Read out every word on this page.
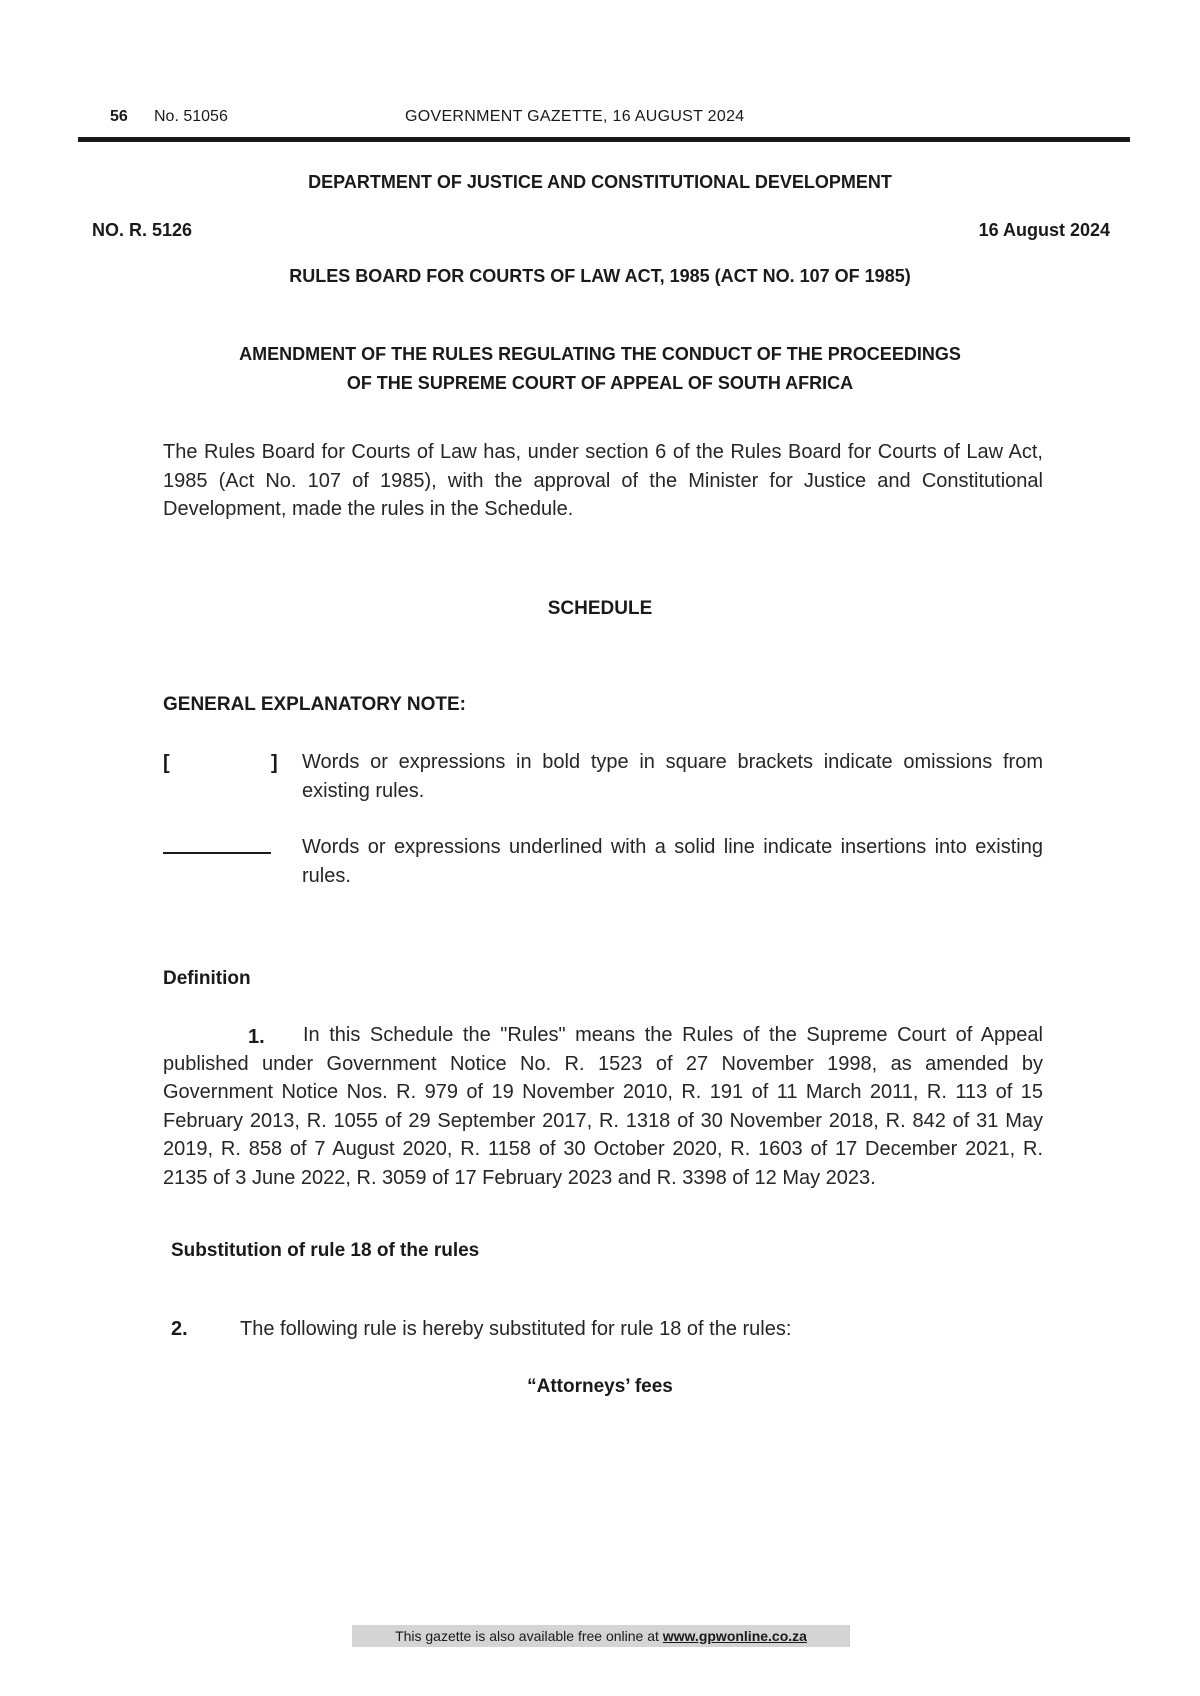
56 No. 51056	GOVERNMENT GAZETTE, 16 AUGUST 2024
DEPARTMENT OF JUSTICE AND CONSTITUTIONAL DEVELOPMENT
NO. R. 5126	16 August 2024
RULES BOARD FOR COURTS OF LAW ACT, 1985 (ACT NO. 107 OF 1985)
AMENDMENT OF THE RULES REGULATING THE CONDUCT OF THE PROCEEDINGS
OF THE SUPREME COURT OF APPEAL OF SOUTH AFRICA
The Rules Board for Courts of Law has, under section 6 of the Rules Board for Courts of Law Act, 1985 (Act No. 107 of 1985), with the approval of the Minister for Justice and Constitutional Development, made the rules in the Schedule.
SCHEDULE
GENERAL EXPLANATORY NOTE:
[	] Words or expressions in bold type in square brackets indicate omissions from existing rules.
Words or expressions underlined with a solid line indicate insertions into existing rules.
Definition
1.	In this Schedule the "Rules" means the Rules of the Supreme Court of Appeal published under Government Notice No. R. 1523 of 27 November 1998, as amended by Government Notice Nos. R. 979 of 19 November 2010, R. 191 of 11 March 2011, R. 113 of 15 February 2013, R. 1055 of 29 September 2017, R. 1318 of 30 November 2018, R. 842 of 31 May 2019, R. 858 of 7 August 2020, R. 1158 of 30 October 2020, R. 1603 of 17 December 2021, R. 2135 of 3 June 2022, R. 3059 of 17 February 2023 and R. 3398 of 12 May 2023.
Substitution of rule 18 of the rules
2.	The following rule is hereby substituted for rule 18 of the rules:
“Attorneys’ fees
This gazette is also available free online at www.gpwonline.co.za
